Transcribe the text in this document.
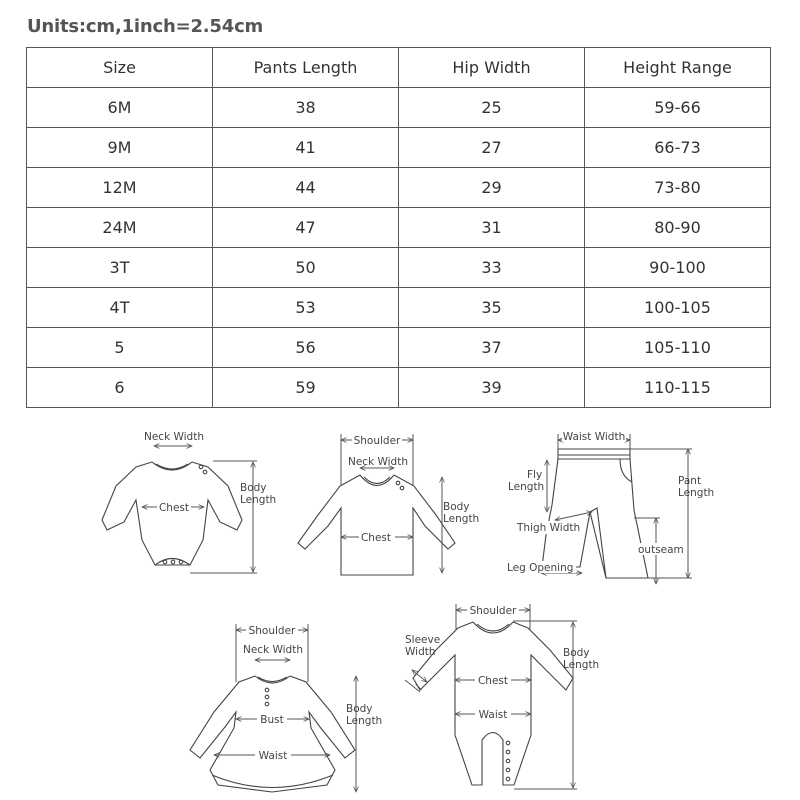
Units:cm,1inch=2.54cm
Size	Pants Length	Hip Width	Height Range
6M	38	25	59-66
9M	41	27	66-73
12M	44	29	73-80
24M	47	31	80-90
3T	50	33	90-100
4T	53	35	100-105
5	56	37	105-110
6	59	39	110-115
Neck Width
Chest
Body
Length
Shoulder
Neck Width
Chest
Body
Length
Waist Width
Fly
Length	Pant
Length
Thigh Width
outseam
Leg Opening
Shoulder
Neck Width
Bust
Waist
Body
Length
Shoulder
Sleeve
Width
Chest
Waist
Body
Length
